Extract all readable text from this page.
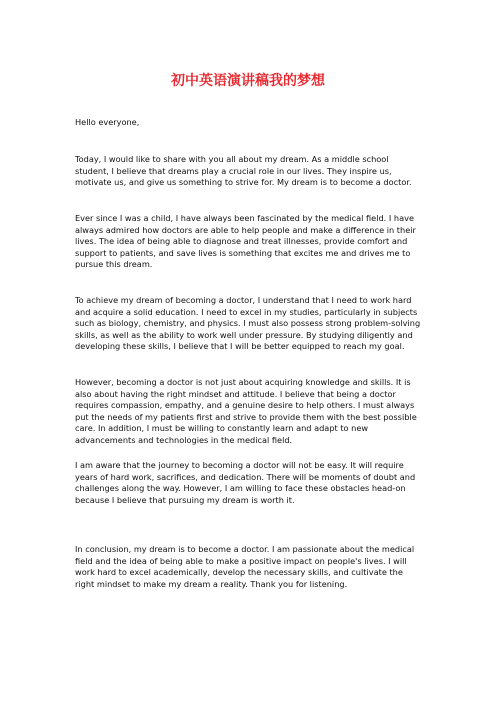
初中英语演讲稿我的梦想

Hello everyone,

Today, I would like to share with you all about my dream. As a middle school student, I believe that dreams play a crucial role in our lives. They inspire us, motivate us, and give us something to strive for. My dream is to become a doctor.

Ever since I was a child, I have always been fascinated by the medical field. I have always admired how doctors are able to help people and make a difference in their lives. The idea of being able to diagnose and treat illnesses, provide comfort and support to patients, and save lives is something that excites me and drives me to pursue this dream.

To achieve my dream of becoming a doctor, I understand that I need to work hard and acquire a solid education. I need to excel in my studies, particularly in subjects such as biology, chemistry, and physics. I must also possess strong problem-solving skills, as well as the ability to work well under pressure. By studying diligently and developing these skills, I believe that I will be better equipped to reach my goal.

However, becoming a doctor is not just about acquiring knowledge and skills. It is also about having the right mindset and attitude. I believe that being a doctor requires compassion, empathy, and a genuine desire to help others. I must always put the needs of my patients first and strive to provide them with the best possible care. In addition, I must be willing to constantly learn and adapt to new advancements and technologies in the medical field.

I am aware that the journey to becoming a doctor will not be easy. It will require years of hard work, sacrifices, and dedication. There will be moments of doubt and challenges along the way. However, I am willing to face these obstacles head-on because I believe that pursuing my dream is worth it.

In conclusion, my dream is to become a doctor. I am passionate about the medical field and the idea of being able to make a positive impact on people's lives. I will work hard to excel academically, develop the necessary skills, and cultivate the right mindset to make my dream a reality. Thank you for listening.
